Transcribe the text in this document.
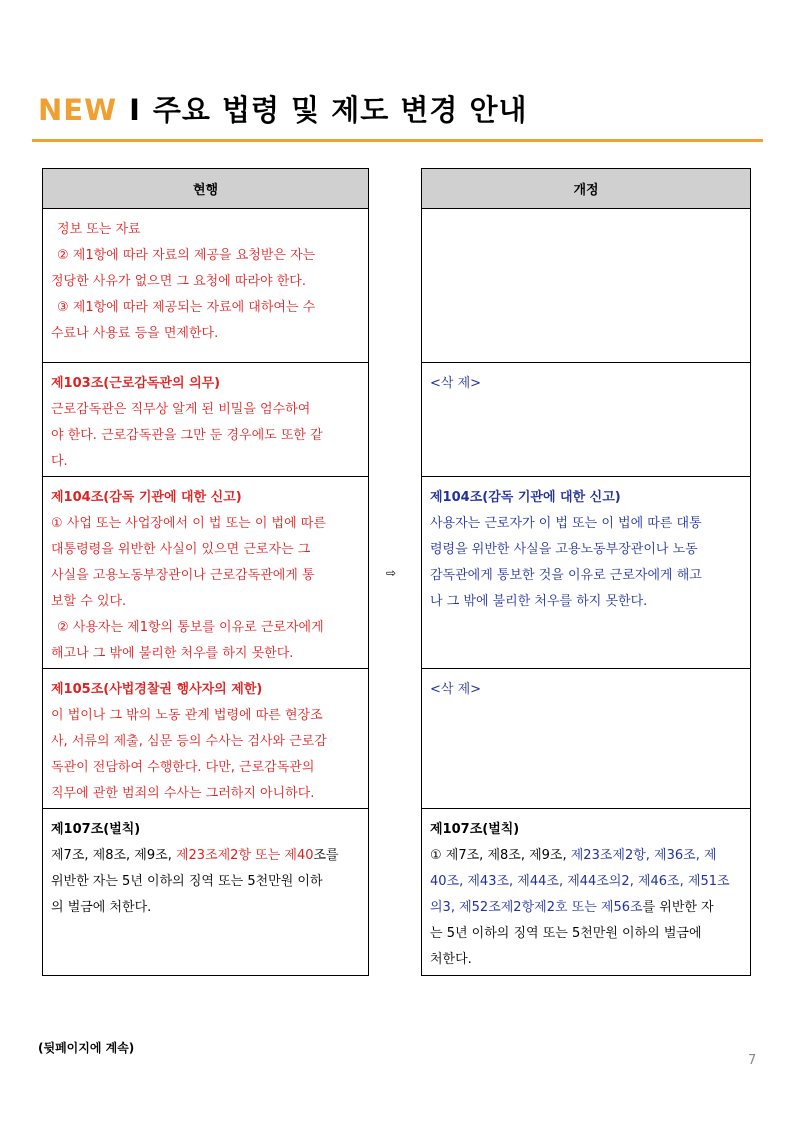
NEW I 주요 법령 및 제도 변경 안내
현행

정보 또는 자료

② 제1항에 따라 자료의 제공을 요청받은 자는

정당한 사유가 없으면 그 요청에 따라야 한다.

③ 제1항에 따라 제공되는 자료에 대하여는 수

수료나 사용료 등을 면제한다.

제103조(근로감독관의 의무)

근로감독관은 직무상 알게 된 비밀을 엄수하여

야 한다. 근로감독관을 그만 둔 경우에도 또한 같

다.

제104조(감독 기관에 대한 신고)

① 사업 또는 사업장에서 이 법 또는 이 법에 따른

대통령령을 위반한 사실이 있으면 근로자는 그

사실을 고용노동부장관이나 근로감독관에게 통

보할 수 있다.

② 사용자는 제1항의 통보를 이유로 근로자에게

해고나 그 밖에 불리한 처우를 하지 못한다.

제105조(사법경찰권 행사자의 제한)

이 법이나 그 밖의 노동 관계 법령에 따른 현장조

사, 서류의 제출, 심문 등의 수사는 검사와 근로감

독관이 전담하여 수행한다. 다만, 근로감독관의

직무에 관한 범죄의 수사는 그러하지 아니하다.

제107조(벌칙)

제7조, 제8조, 제9조, 제23조제2항 또는 제40조를

위반한 자는 5년 이하의 징역 또는 5천만원 이하

의 벌금에 처한다.

⇨
개정

<삭 제>

제104조(감독 기관에 대한 신고)

사용자는 근로자가 이 법 또는 이 법에 따른 대통

령령을 위반한 사실을 고용노동부장관이나 노동

감독관에게 통보한 것을 이유로 근로자에게 해고

나 그 밖에 불리한 처우를 하지 못한다.

<삭 제>

제107조(벌칙)

① 제7조, 제8조, 제9조, 제23조제2항, 제36조, 제

40조, 제43조, 제44조, 제44조의2, 제46조, 제51조

의3, 제52조제2항제2호 또는 제56조를 위반한 자

는 5년 이하의 징역 또는 5천만원 이하의 벌금에

처한다.

(뒷페이지에 계속)
7
